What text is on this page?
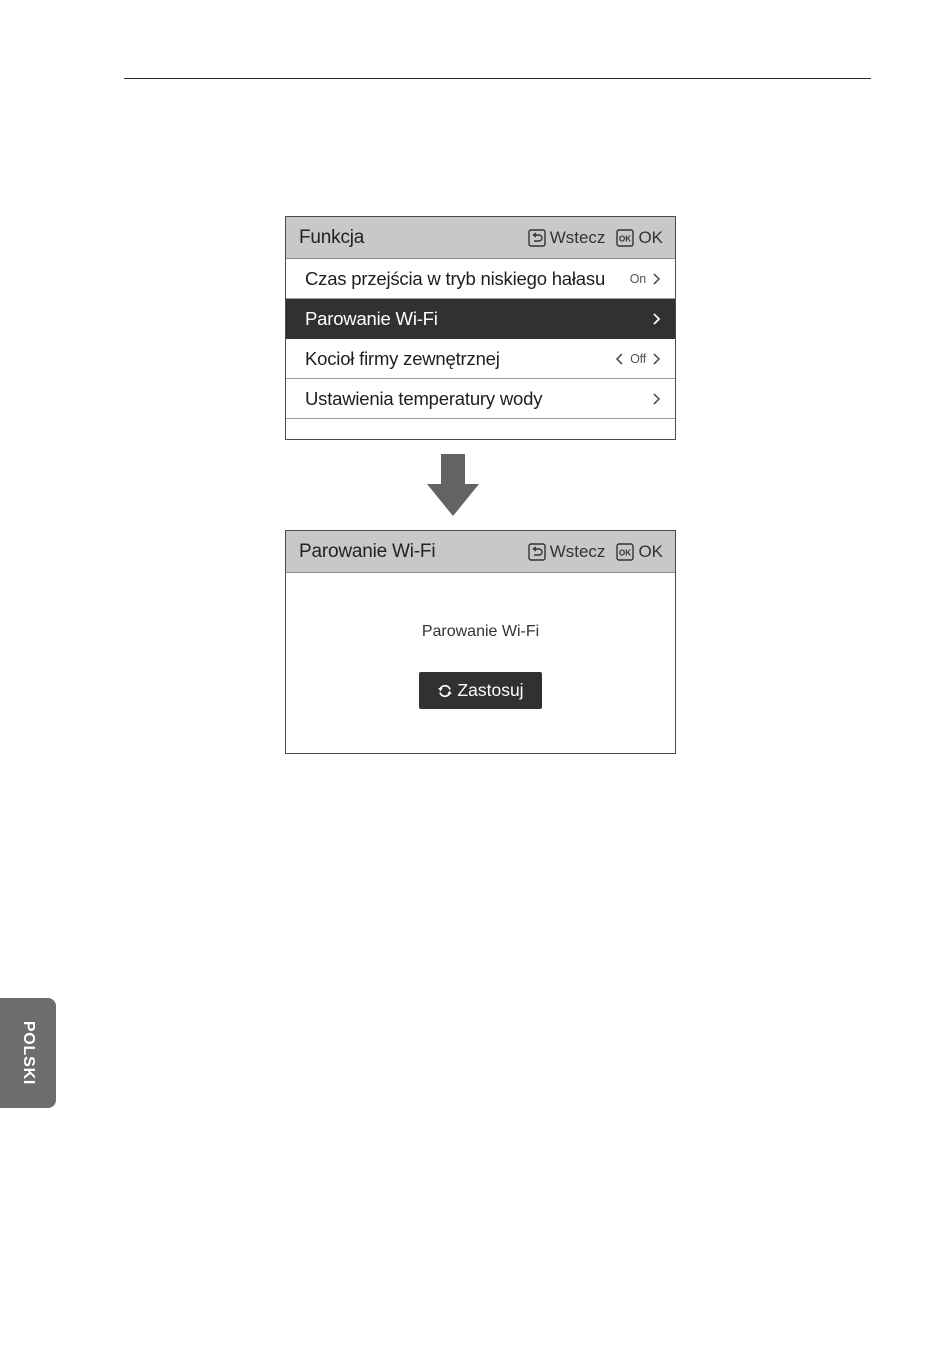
Funkcja	Wstecz OK OK
Czas przejścia w tryb niskiego hałasu On
Parowanie Wi-Fi
Kocioł firmy zewnętrznej	Off
Ustawienia temperatury wody
Parowanie Wi-Fi	Wstecz OK OK
Parowanie Wi-Fi
Zastosuj
POLSKI
